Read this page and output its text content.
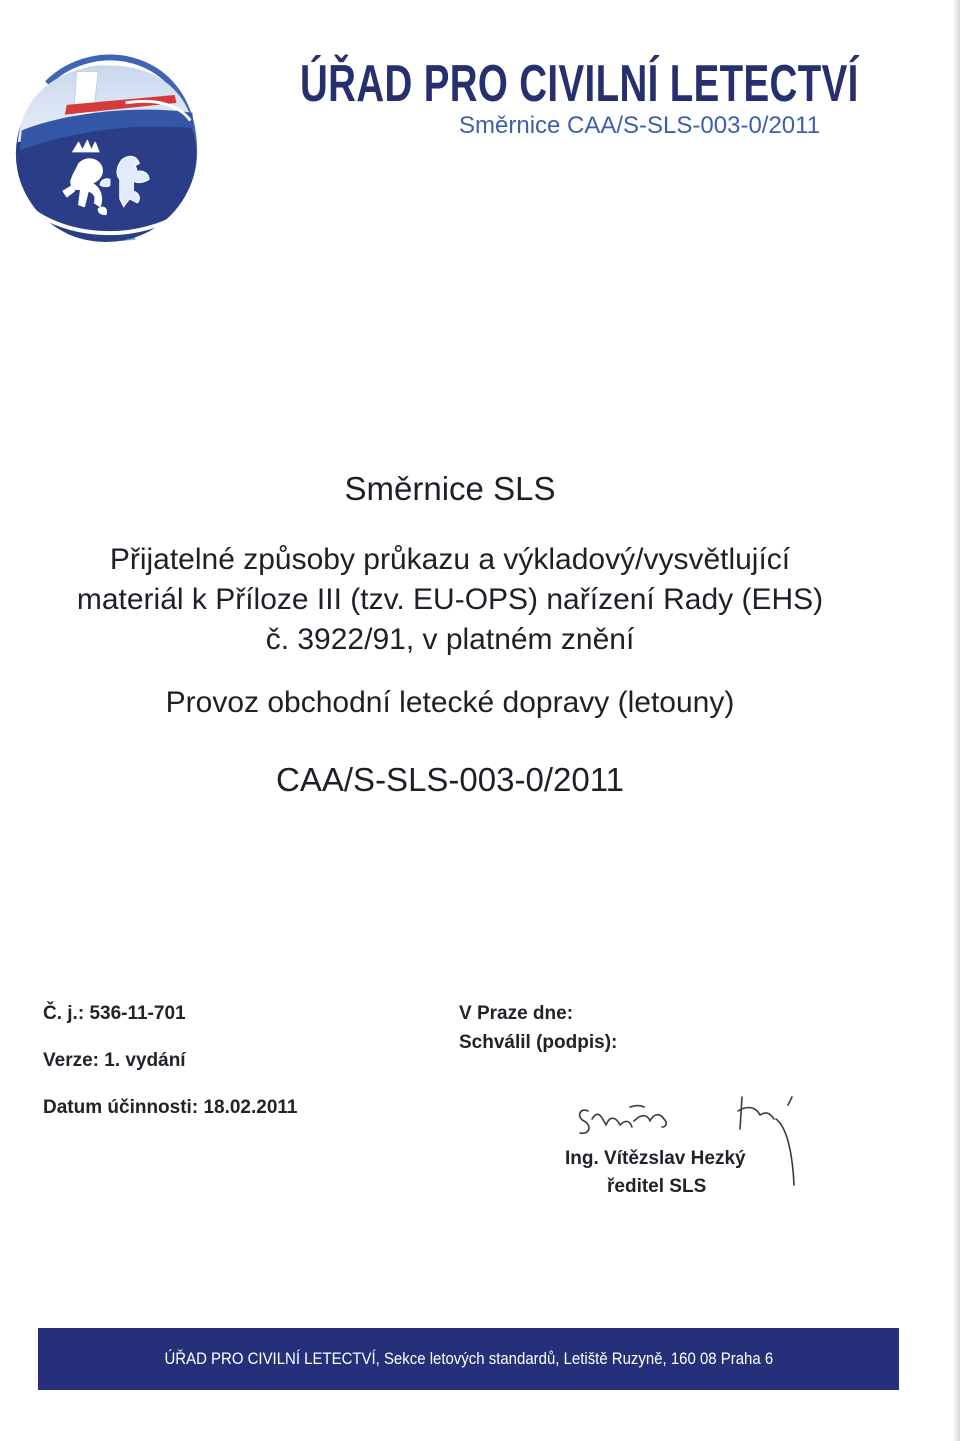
ÚŘAD PRO CIVILNÍ LETECTVÍ
Směrnice CAA/S-SLS-003-0/2011
Směrnice SLS
Přijatelné způsoby průkazu a výkladový/vysvětlující
materiál k Příloze III (tzv. EU-OPS) nařízení Rady (EHS)
č. 3922/91, v platném znění
Provoz obchodní letecké dopravy (letouny)
CAA/S-SLS-003-0/2011
Č. j.: 536-11-701
Verze: 1. vydání
Datum účinnosti: 18.02.2011
V Praze dne:
Schválil (podpis):
Ing. Vítězslav Hezký
ředitel SLS
ÚŘAD PRO CIVILNÍ LETECTVÍ, Sekce letových standardů, Letiště Ruzyně, 160 08 Praha 6
